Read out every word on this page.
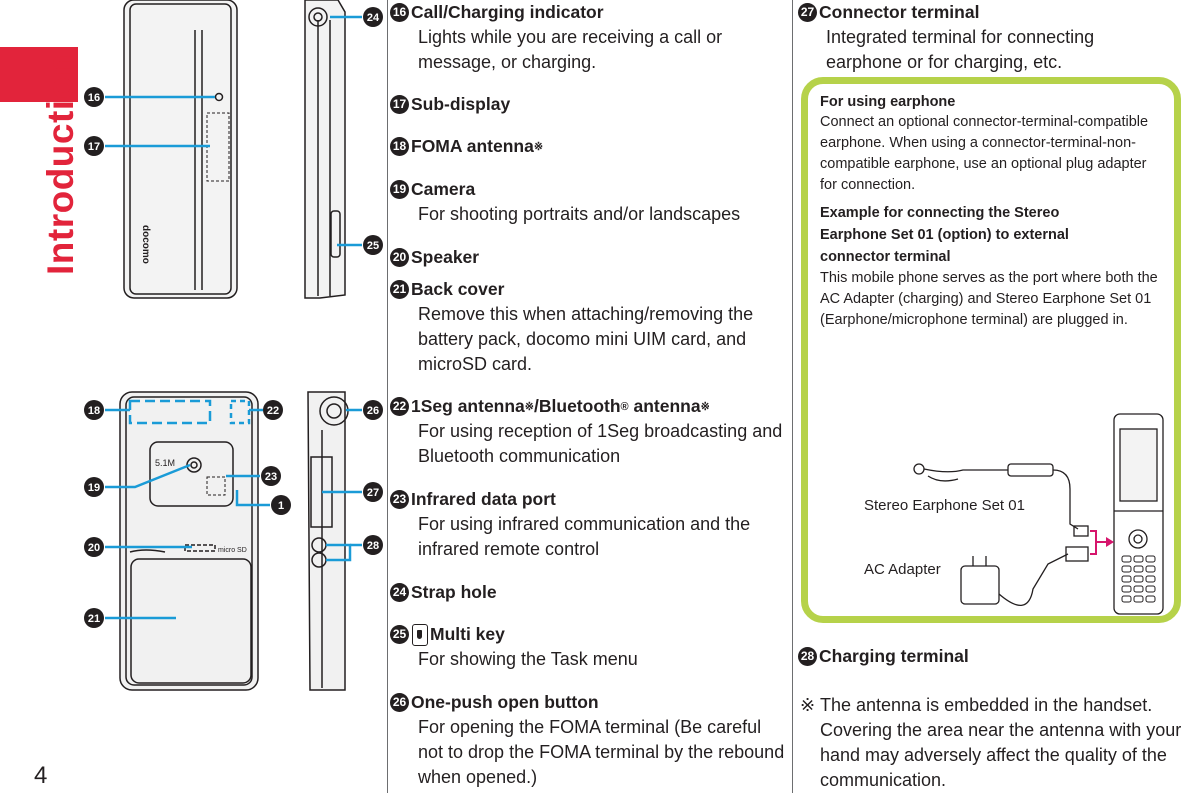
Introduction
4
docomo
5.1M
micro SD
16
17
24
25
18	22	26
23
1
19	27
20	28
21
16 Call/Charging indicator
Lights while you are receiving a call or message, or charging.
17 Sub-display
18 FOMA antenna ※
19 Camera
For shooting portraits and/or landscapes
20 Speaker
21 Back cover
Remove this when attaching/removing the battery pack, docomo mini UIM card, and microSD card.
22 1Seg antenna ※ /Bluetooth ® antenna ※
For using reception of 1Seg broadcasting and Bluetooth communication
23 Infrared data port
For using infrared communication and the infrared remote control
24 Strap hole
25 Multi key
For showing the Task menu
26 One-push open button
For opening the FOMA terminal (Be careful not to drop the FOMA terminal by the rebound when opened.)
27 Connector terminal
Integrated terminal for connecting earphone or for charging, etc.
For using earphone
Connect an optional connector-terminal-compatible earphone. When using a connector-terminal-non-compatible earphone, use an optional plug adapter for connection.
Example for connecting the Stereo Earphone Set 01 (option) to external connector terminal
This mobile phone serves as the port where both the AC Adapter (charging) and Stereo Earphone Set 01 (Earphone/microphone terminal) are plugged in.
Stereo Earphone Set 01
AC Adapter
28 Charging terminal
※ The antenna is embedded in the handset. Covering the area near the antenna with your hand may adversely affect the quality of the communication.
